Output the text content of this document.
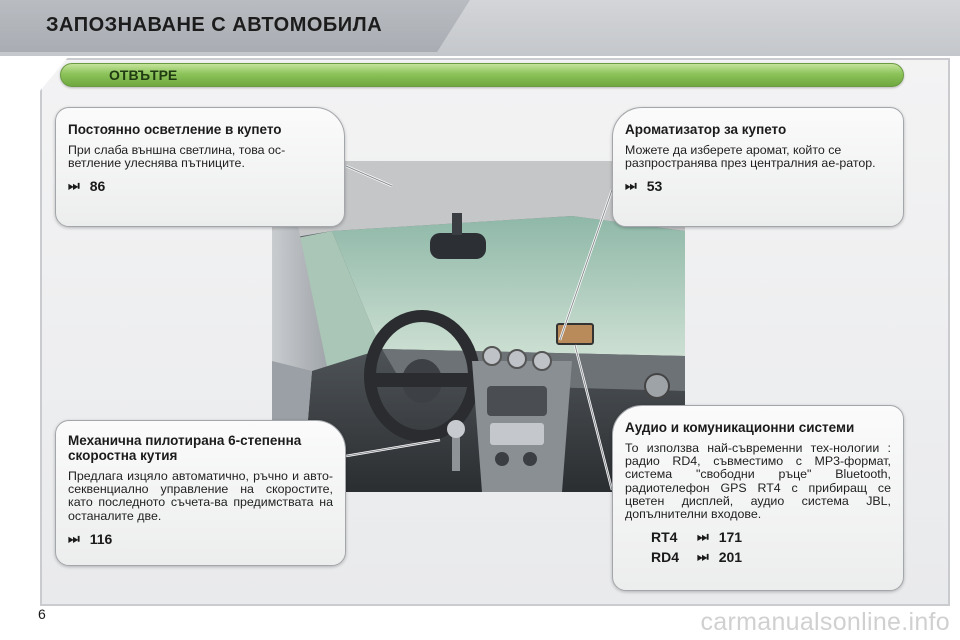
ЗАПОЗНАВАНЕ С АВТОМОБИЛА
ОТВЪТРЕ
Постоянно осветление в купето

При слаба външна светлина, това ос-ветление улеснява пътниците.

⏭ 86
Ароматизатор за купето

Можете да изберете аромат, който се разпространява през централния ае-ратор.

⏭ 53
Механична пилотирана 6-степенна скоростна кутия

Предлага изцяло автоматично, ръчно и авто-секвенциално управление на скоростите, като последното съчета-ва предимствата на останалите две.

⏭ 116
Аудио и комуникационни системи

То използва най-съвременни тех-нологии : радио RD4, съвместимо с MP3-формат, система "свободни ръце" Bluetooth, радиотелефон GPS RT4 с прибиращ се цветен дисплей, аудио система JBL, допълнителни входове.

RT4	⏭ 171
RD4	⏭ 201
6	carmanualsonline.info
